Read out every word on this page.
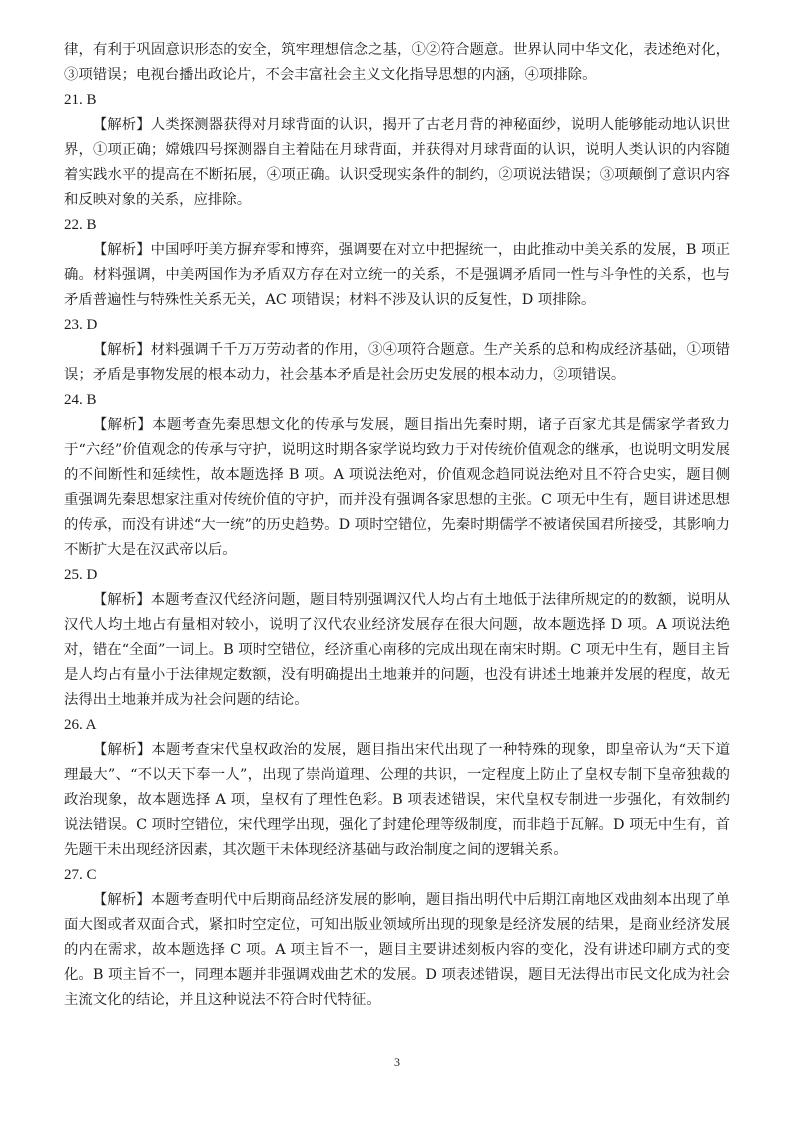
律，有利于巩固意识形态的安全，筑牢理想信念之基，①②符合题意。世界认同中华文化，表述绝对化，③项错误；电视台播出政论片，不会丰富社会主义文化指导思想的内涵，④项排除。

21. B

【解析】人类探测器获得对月球背面的认识，揭开了古老月背的神秘面纱，说明人能够能动地认识世界，①项正确；嫦娥四号探测器自主着陆在月球背面，并获得对月球背面的认识，说明人类认识的内容随着实践水平的提高在不断拓展，④项正确。认识受现实条件的制约，②项说法错误；③项颠倒了意识内容和反映对象的关系，应排除。

22. B

【解析】中国呼吁美方摒弃零和博弈，强调要在对立中把握统一，由此推动中美关系的发展，B 项正确。材料强调，中美两国作为矛盾双方存在对立统一的关系，不是强调矛盾同一性与斗争性的关系，也与矛盾普遍性与特殊性关系无关，AC 项错误；材料不涉及认识的反复性，D 项排除。

23. D

【解析】材料强调千千万万劳动者的作用，③④项符合题意。生产关系的总和构成经济基础，①项错误；矛盾是事物发展的根本动力，社会基本矛盾是社会历史发展的根本动力，②项错误。

24. B

【解析】本题考查先秦思想文化的传承与发展，题目指出先秦时期，诸子百家尤其是儒家学者致力于“六经”价值观念的传承与守护，说明这时期各家学说均致力于对传统价值观念的继承，也说明文明发展的不间断性和延续性，故本题选择 B 项。A 项说法绝对，价值观念趋同说法绝对且不符合史实，题目侧重强调先秦思想家注重对传统价值的守护，而并没有强调各家思想的主张。C 项无中生有，题目讲述思想的传承，而没有讲述“大一统”的历史趋势。D 项时空错位，先秦时期儒学不被诸侯国君所接受，其影响力不断扩大是在汉武帝以后。

25. D

【解析】本题考查汉代经济问题，题目特别强调汉代人均占有土地低于法律所规定的的数额，说明从汉代人均土地占有量相对较小，说明了汉代农业经济发展存在很大问题，故本题选择 D 项。A 项说法绝对，错在“全面”一词上。B 项时空错位，经济重心南移的完成出现在南宋时期。C 项无中生有，题目主旨是人均占有量小于法律规定数额，没有明确提出土地兼并的问题，也没有讲述土地兼并发展的程度，故无法得出土地兼并成为社会问题的结论。

26. A

【解析】本题考查宋代皇权政治的发展，题目指出宋代出现了一种特殊的现象，即皇帝认为“天下道理最大”、“不以天下奉一人”，出现了崇尚道理、公理的共识，一定程度上防止了皇权专制下皇帝独裁的政治现象，故本题选择 A 项，皇权有了理性色彩。B 项表述错误，宋代皇权专制进一步强化，有效制约说法错误。C 项时空错位，宋代理学出现，强化了封建伦理等级制度，而非趋于瓦解。D 项无中生有，首先题干未出现经济因素，其次题干未体现经济基础与政治制度之间的逻辑关系。

27. C

【解析】本题考查明代中后期商品经济发展的影响，题目指出明代中后期江南地区戏曲刻本出现了单面大图或者双面合式，紧扣时空定位，可知出版业领域所出现的现象是经济发展的结果，是商业经济发展的内在需求，故本题选择 C 项。A 项主旨不一，题目主要讲述刻板内容的变化，没有讲述印刷方式的变化。B 项主旨不一，同理本题并非强调戏曲艺术的发展。D 项表述错误，题目无法得出市民文化成为社会主流文化的结论，并且这种说法不符合时代特征。

3
